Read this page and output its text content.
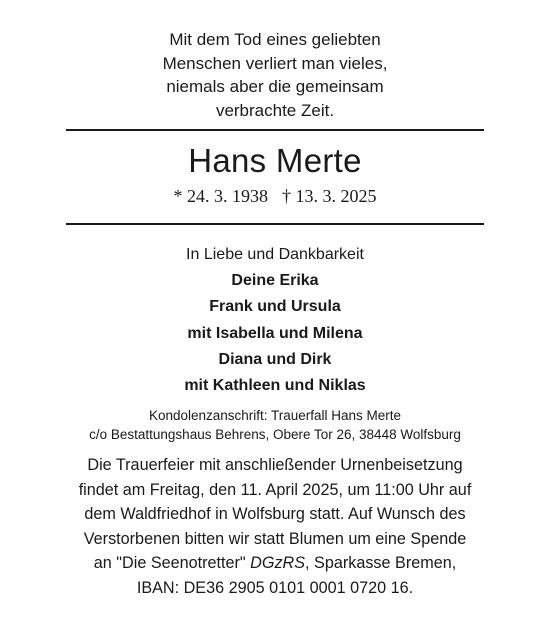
Mit dem Tod eines geliebten
Menschen verliert man vieles,
niemals aber die gemeinsam
verbrachte Zeit.
Hans Merte
* 24. 3. 1938 † 13. 3. 2025
In Liebe und Dankbarkeit
Deine Erika
Frank und Ursula
mit Isabella und Milena
Diana und Dirk
mit Kathleen und Niklas
Kondolenzanschrift: Trauerfall Hans Merte
c/o Bestattungshaus Behrens, Obere Tor 26, 38448 Wolfsburg
Die Trauerfeier mit anschließender Urnenbeisetzung
findet am Freitag, den 11. April 2025, um 11:00 Uhr auf
dem Waldfriedhof in Wolfsburg statt. Auf Wunsch des
Verstorbenen bitten wir statt Blumen um eine Spende
an "Die Seenotretter" DGzRS, Sparkasse Bremen,
IBAN: DE36 2905 0101 0001 0720 16.
